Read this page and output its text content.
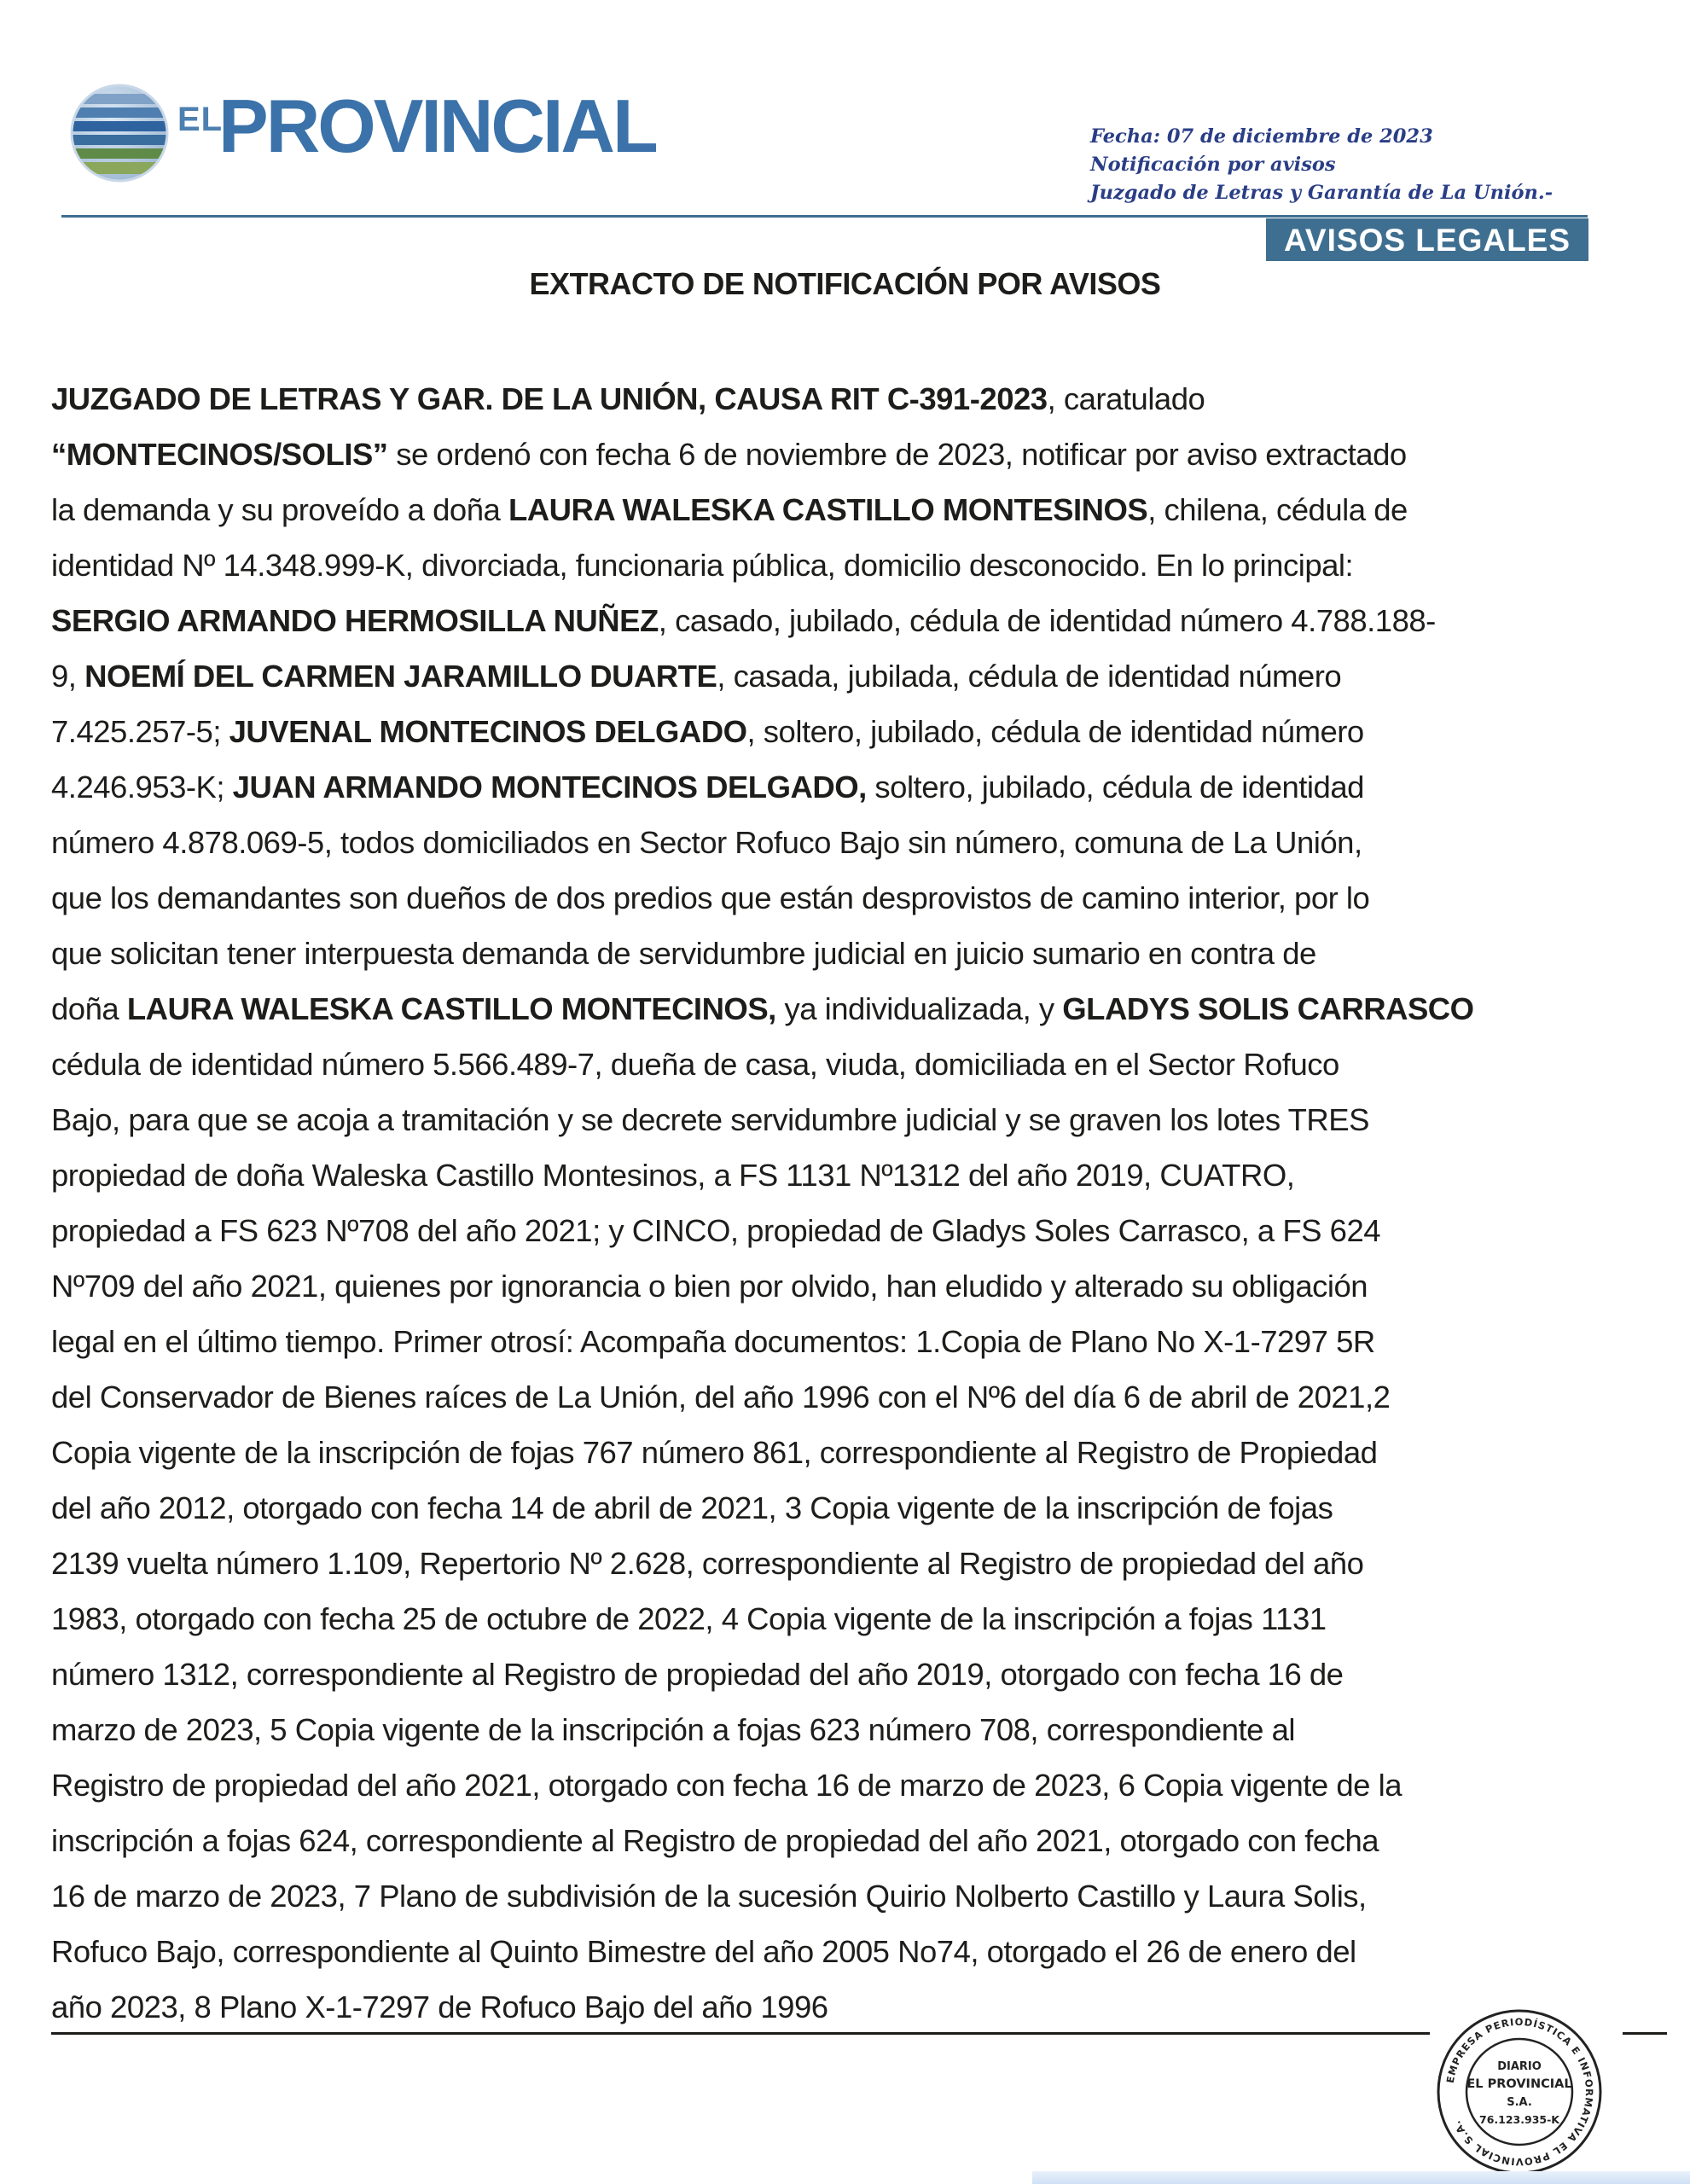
EL
PROVINCIAL	Fecha: 07 de diciembre de 2023
Notificación por avisos
Juzgado de Letras y Garantía de La Unión.-
AVISOS LEGALES
EXTRACTO DE NOTIFICACIÓN POR AVISOS

JUZGADO DE LETRAS Y GAR. DE LA UNIÓN, CAUSA RIT C-391-2023, caratulado

“MONTECINOS/SOLIS” se ordenó con fecha 6 de noviembre de 2023, notificar por aviso extractado

la demanda y su proveído a doña LAURA WALESKA CASTILLO MONTESINOS, chilena, cédula de

identidad Nº 14.348.999-K, divorciada, funcionaria pública, domicilio desconocido. En lo principal:

SERGIO ARMANDO HERMOSILLA NUÑEZ, casado, jubilado, cédula de identidad número 4.788.188-

9, NOEMÍ DEL CARMEN JARAMILLO DUARTE, casada, jubilada, cédula de identidad número

7.425.257-5; JUVENAL MONTECINOS DELGADO, soltero, jubilado, cédula de identidad número

4.246.953-K; JUAN ARMANDO MONTECINOS DELGADO, soltero, jubilado, cédula de identidad

número 4.878.069-5, todos domiciliados en Sector Rofuco Bajo sin número, comuna de La Unión,

que los demandantes son dueños de dos predios que están desprovistos de camino interior, por lo

que solicitan tener interpuesta demanda de servidumbre judicial en juicio sumario en contra de

doña LAURA WALESKA CASTILLO MONTECINOS, ya individualizada, y GLADYS SOLIS CARRASCO

cédula de identidad número 5.566.489-7, dueña de casa, viuda, domiciliada en el Sector Rofuco

Bajo, para que se acoja a tramitación y se decrete servidumbre judicial y se graven los lotes TRES

propiedad de doña Waleska Castillo Montesinos, a FS 1131 Nº1312 del año 2019, CUATRO,

propiedad a FS 623 Nº708 del año 2021; y CINCO, propiedad de Gladys Soles Carrasco, a FS 624

Nº709 del año 2021, quienes por ignorancia o bien por olvido, han eludido y alterado su obligación

legal en el último tiempo. Primer otrosí: Acompaña documentos: 1.Copia de Plano No X-1-7297 5R

del Conservador de Bienes raíces de La Unión, del año 1996 con el Nº6 del día 6 de abril de 2021,2

Copia vigente de la inscripción de fojas 767 número 861, correspondiente al Registro de Propiedad

del año 2012, otorgado con fecha 14 de abril de 2021, 3 Copia vigente de la inscripción de fojas

2139 vuelta número 1.109, Repertorio Nº 2.628, correspondiente al Registro de propiedad del año

1983, otorgado con fecha 25 de octubre de 2022, 4 Copia vigente de la inscripción a fojas 1131

número 1312, correspondiente al Registro de propiedad del año 2019, otorgado con fecha 16 de

marzo de 2023, 5 Copia vigente de la inscripción a fojas 623 número 708, correspondiente al

Registro de propiedad del año 2021, otorgado con fecha 16 de marzo de 2023, 6 Copia vigente de la

inscripción a fojas 624, correspondiente al Registro de propiedad del año 2021, otorgado con fecha

16 de marzo de 2023, 7 Plano de subdivisión de la sucesión Quirio Nolberto Castillo y Laura Solis,

Rofuco Bajo, correspondiente al Quinto Bimestre del año 2005 No74, otorgado el 26 de enero del

año 2023, 8 Plano X-1-7297 de Rofuco Bajo del año 1996

EMPRESA PERIODÍSTICA E INFORMATIVA EL PROVINCIAL S.A.
DIARIO
EL PROVINCIAL
S.A.
76.123.935-K
